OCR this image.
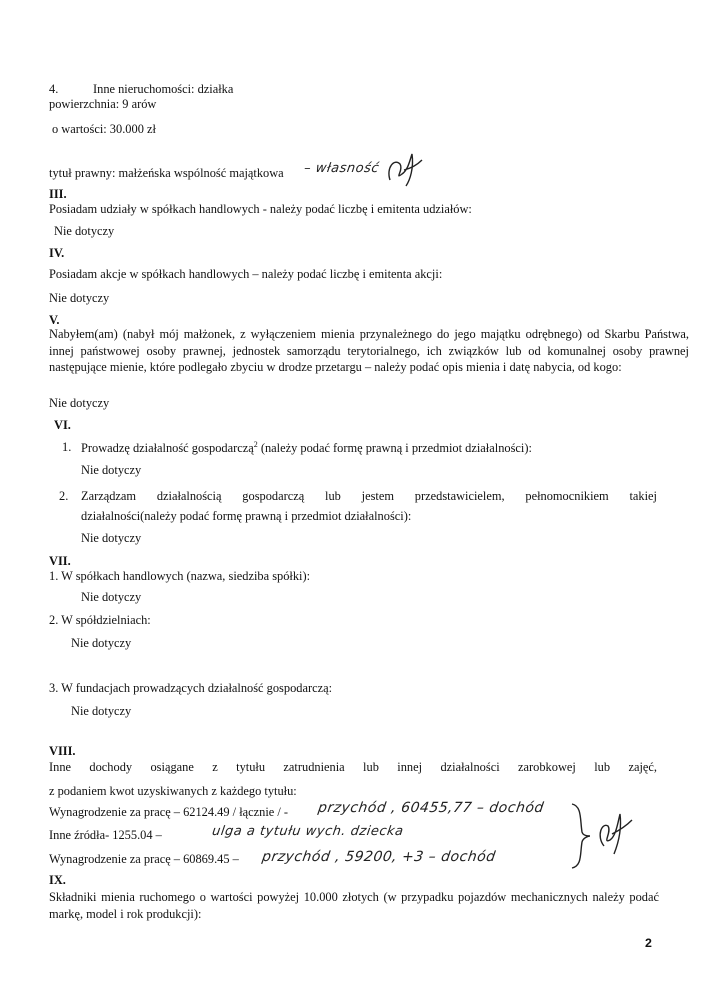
4.	Inne nieruchomości: działka
powierzchnia: 9 arów
o wartości: 30.000 zł
tytuł prawny: małżeńska wspólność majątkowa – własność
III.
Posiadam udziały w spółkach handlowych - należy podać liczbę i emitenta udziałów:
Nie dotyczy
IV.
Posiadam akcje w spółkach handlowych – należy podać liczbę i emitenta akcji:
Nie dotyczy
V.
Nabyłem(am) (nabył mój małżonek, z wyłączeniem mienia przynależnego do jego majątku odrębnego) od Skarbu Państwa, innej państwowej osoby prawnej, jednostek samorządu terytorialnego, ich związków lub od komunalnej osoby prawnej następujące mienie, które podlegało zbyciu w drodze przetargu – należy podać opis mienia i datę nabycia, od kogo:
Nie dotyczy
VI.
1. Prowadzę działalność gospodarczą$^2$ (należy podać formę prawną i przedmiot działalności):
Nie dotyczy
2. Zarządzam działalnością gospodarczą lub jestem przedstawicielem, pełnomocnikiem takiej
działalności(należy podać formę prawną i przedmiot działalności):
Nie dotyczy
VII.
1. W spółkach handlowych (nazwa, siedziba spółki):
Nie dotyczy
2. W spółdzielniach:
Nie dotyczy
3. W fundacjach prowadzących działalność gospodarczą:
Nie dotyczy
VIII.
Inne dochody osiągane z tytułu zatrudnienia lub innej działalności zarobkowej lub zajęć,
z podaniem kwot uzyskiwanych z każdego tytułu:
Wynagrodzenie za pracę – 62124.49 / łącznie / - przychód , 60455,77 – dochód
Inne źródła- 1255.04 –	ulga a tytułu wych. dziecka
Wynagrodzenie za pracę – 60869.45 – przychód , 59200, +3 – dochód
IX.
Składniki mienia ruchomego o wartości powyżej 10.000 złotych (w przypadku pojazdów mechanicznych należy podać markę, model i rok produkcji):
2
